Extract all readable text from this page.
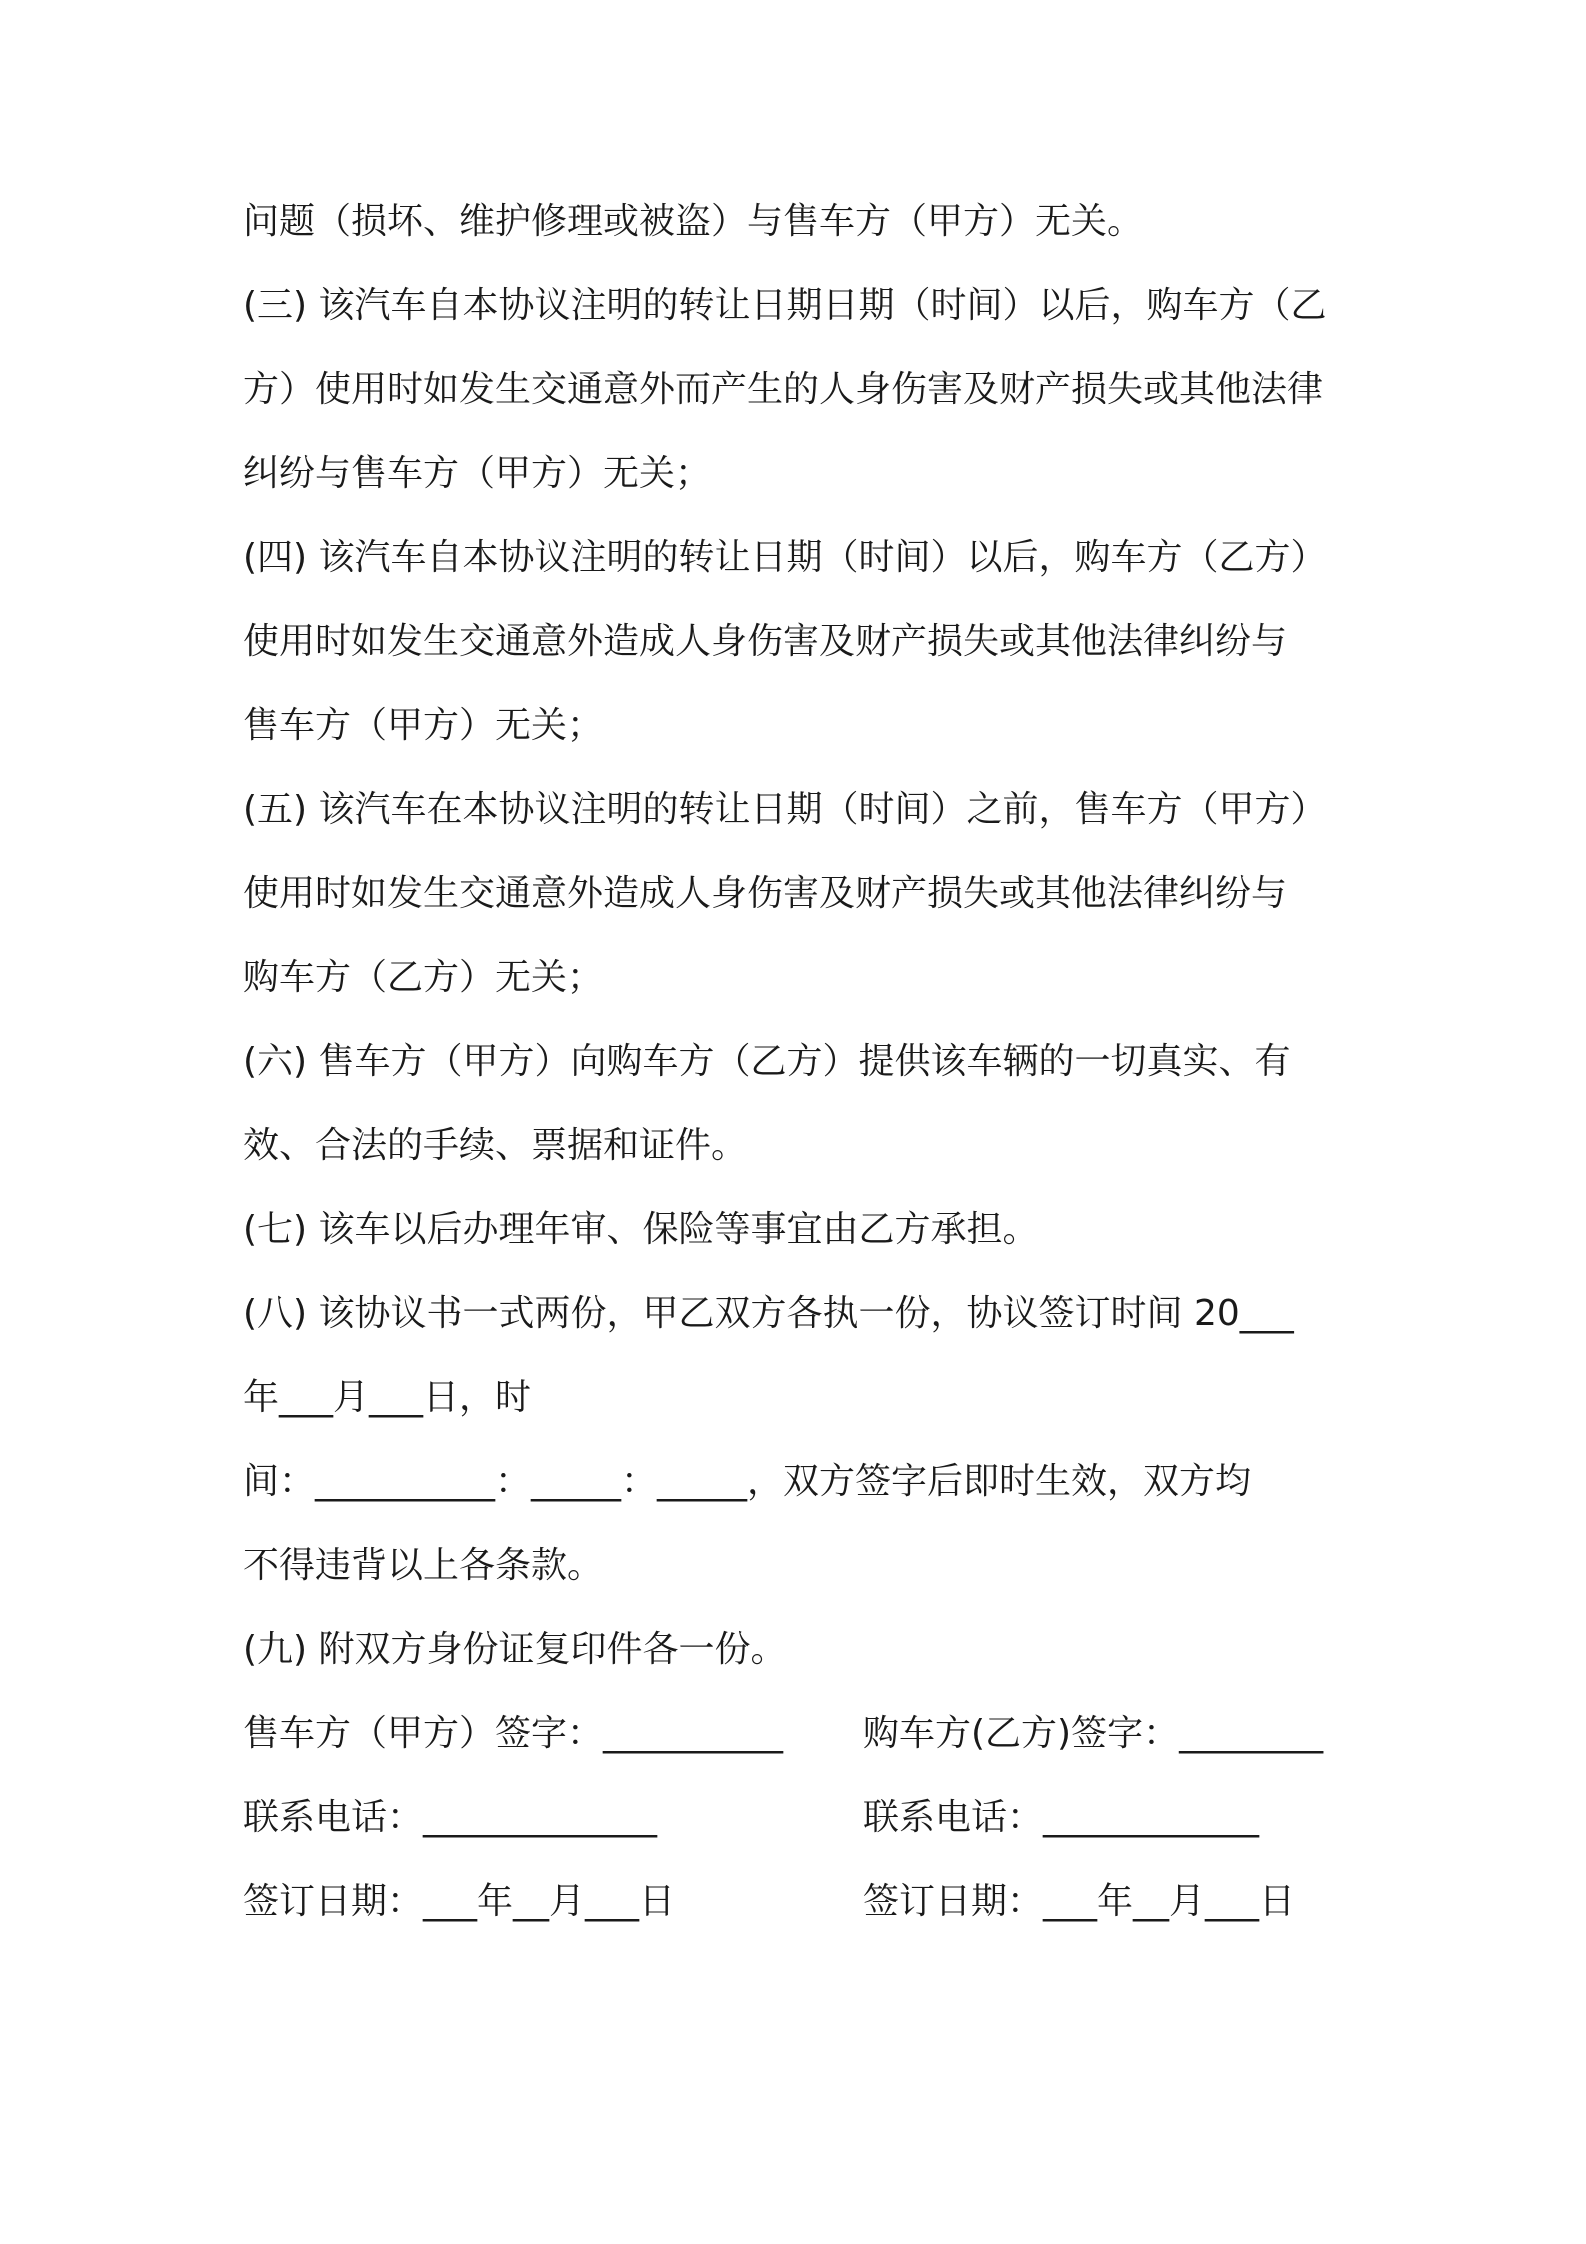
问题（损坏、维护修理或被盗）与售车方（甲方）无关。
(三) 该汽车自本协议注明的转让日期日期（时间）以后，购车方（乙
方）使用时如发生交通意外而产生的人身伤害及财产损失或其他法律
纠纷与售车方（甲方）无关；
(四) 该汽车自本协议注明的转让日期（时间）以后，购车方（乙方）
使用时如发生交通意外造成人身伤害及财产损失或其他法律纠纷与
售车方（甲方）无关；
(五) 该汽车在本协议注明的转让日期（时间）之前，售车方（甲方）
使用时如发生交通意外造成人身伤害及财产损失或其他法律纠纷与
购车方（乙方）无关；
(六) 售车方（甲方）向购车方（乙方）提供该车辆的一切真实、有
效、合法的手续、票据和证件。
(七) 该车以后办理年审、保险等事宜由乙方承担。
(八) 该协议书一式两份，甲乙双方各执一份，协议签订时间 20___
年___月___日，时
间：__________：_____：_____，双方签字后即时生效，双方均
不得违背以上各条款。
(九) 附双方身份证复印件各一份。
售车方（甲方）签字：__________ 购车方(乙方)签字：________
联系电话：_____________	联系电话：____________
签订日期：___年__月___日	签订日期：___年__月___日
